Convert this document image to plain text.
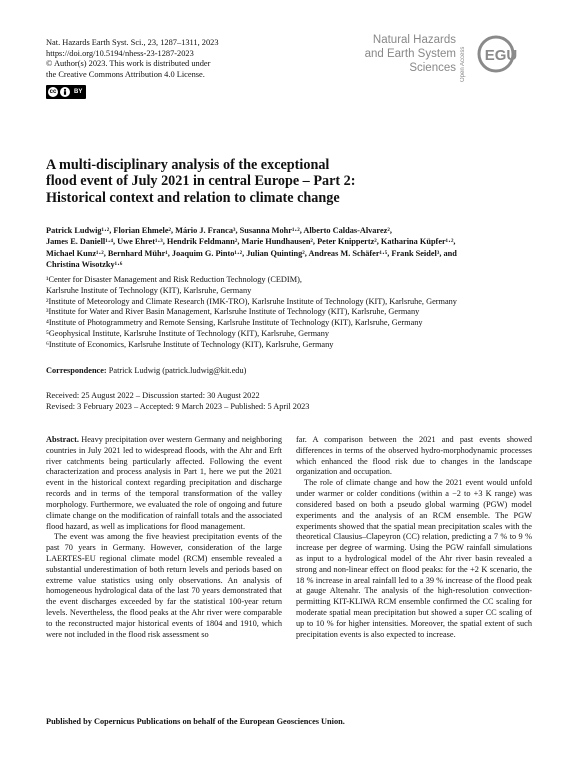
Nat. Hazards Earth Syst. Sci., 23, 1287–1311, 2023
https://doi.org/10.5194/nhess-23-1287-2023
© Author(s) 2023. This work is distributed under
the Creative Commons Attribution 4.0 License.
cc	BY
Natural Hazards
and Earth System
Sciences Open Access	EGU
A multi-disciplinary analysis of the exceptional
flood event of July 2021 in central Europe – Part 2:
Historical context and relation to climate change
Patrick Ludwig¹·², Florian Ehmele², Mário J. Franca³, Susanna Mohr¹·², Alberto Caldas-Alvarez²,
James E. Daniell¹·⁴, Uwe Ehret¹·³, Hendrik Feldmann², Marie Hundhausen², Peter Knippertz², Katharina Küpfer¹·²,
Michael Kunz¹·², Bernhard Mühr¹, Joaquim G. Pinto¹·², Julian Quinting², Andreas M. Schäfer¹·⁵, Frank Seidel³, and
Christina Wisotzky¹·⁶
¹Center for Disaster Management and Risk Reduction Technology (CEDIM),
Karlsruhe Institute of Technology (KIT), Karlsruhe, Germany
²Institute of Meteorology and Climate Research (IMK-TRO), Karlsruhe Institute of Technology (KIT), Karlsruhe, Germany
³Institute for Water and River Basin Management, Karlsruhe Institute of Technology (KIT), Karlsruhe, Germany
⁴Institute of Photogrammetry and Remote Sensing, Karlsruhe Institute of Technology (KIT), Karlsruhe, Germany
⁵Geophysical Institute, Karlsruhe Institute of Technology (KIT), Karlsruhe, Germany
⁶Institute of Economics, Karlsruhe Institute of Technology (KIT), Karlsruhe, Germany
Correspondence: Patrick Ludwig (patrick.ludwig@kit.edu)
Received: 25 August 2022 – Discussion started: 30 August 2022
Revised: 3 February 2023 – Accepted: 9 March 2023 – Published: 5 April 2023

Abstract. Heavy precipitation over western Germany and neighboring countries in July 2021 led to widespread floods, with the Ahr and Erft river catchments being particularly affected. Following the event characterization and process analysis in Part 1, here we put the 2021 event in the historical context regarding precipitation and discharge records and in terms of the temporal transformation of the valley morphology. Furthermore, we evaluated the role of ongoing and future climate change on the modification of rainfall totals and the associated flood hazard, as well as implications for flood management.

The event was among the five heaviest precipitation events of the past 70 years in Germany. However, consideration of the large LAERTES-EU regional climate model (RCM) ensemble revealed a substantial underestimation of both return levels and periods based on extreme value statistics using only observations. An analysis of homogeneous hydrological data of the last 70 years demonstrated that the event discharges exceeded by far the statistical 100-year return levels. Nevertheless, the flood peaks at the Ahr river were comparable to the reconstructed major historical events of 1804 and 1910, which were not included in the flood risk assessment so

far. A comparison between the 2021 and past events showed differences in terms of the observed hydro-morphodynamic processes which enhanced the flood risk due to changes in the landscape organization and occupation.

The role of climate change and how the 2021 event would unfold under warmer or colder conditions (within a −2 to +3 K range) was considered based on both a pseudo global warming (PGW) model experiments and the analysis of an RCM ensemble. The PGW experiments showed that the spatial mean precipitation scales with the theoretical Clausius–Clapeyron (CC) relation, predicting a 7 % to 9 % increase per degree of warming. Using the PGW rainfall simulations as input to a hydrological model of the Ahr river basin revealed a strong and non-linear effect on flood peaks: for the +2 K scenario, the 18 % increase in areal rainfall led to a 39 % increase of the flood peak at gauge Altenahr. The analysis of the high-resolution convection-permitting KIT-KLIWA RCM ensemble confirmed the CC scaling for moderate spatial mean precipitation but showed a super CC scaling of up to 10 % for higher intensities. Moreover, the spatial extent of such precipitation events is also expected to increase.

Published by Copernicus Publications on behalf of the European Geosciences Union.
